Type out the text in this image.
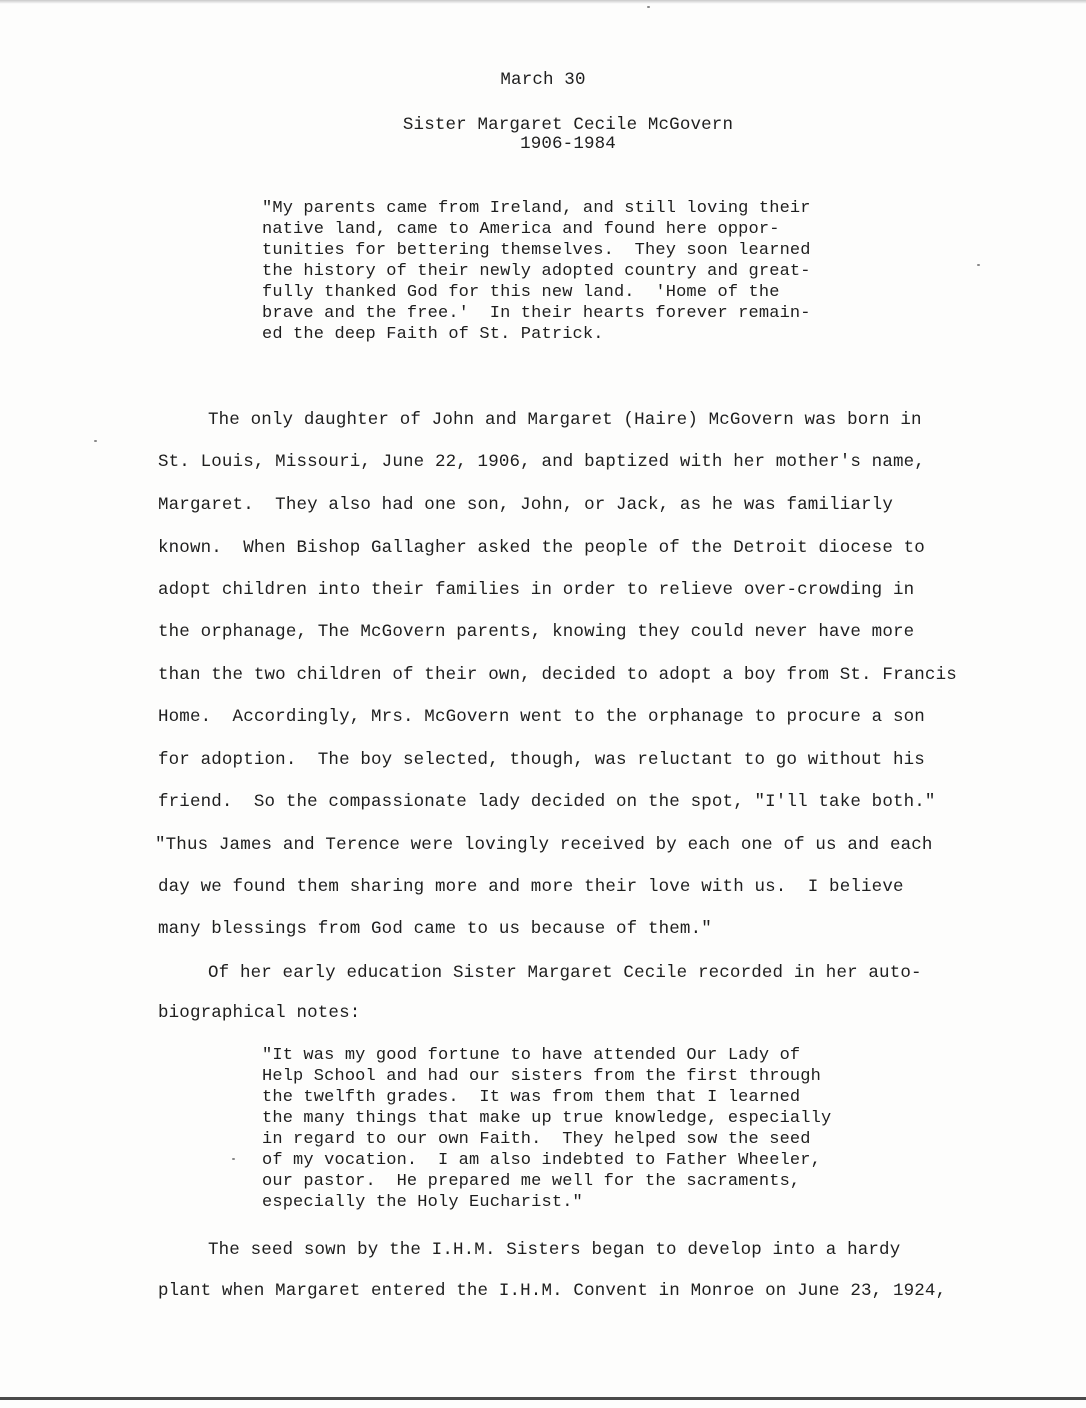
March 30
Sister Margaret Cecile McGovern
1906-1984
"My parents came from Ireland, and still loving their
native land, came to America and found here oppor-
tunities for bettering themselves.  They soon learned
the history of their newly adopted country and great-
fully thanked God for this new land.  'Home of the
brave and the free.'  In their hearts forever remain-
ed the deep Faith of St. Patrick.
The only daughter of John and Margaret (Haire) McGovern was born in
St. Louis, Missouri, June 22, 1906, and baptized with her mother's name,
Margaret.  They also had one son, John, or Jack, as he was familiarly
known.  When Bishop Gallagher asked the people of the Detroit diocese to
adopt children into their families in order to relieve over-crowding in
the orphanage, The McGovern parents, knowing they could never have more
than the two children of their own, decided to adopt a boy from St. Francis
Home.  Accordingly, Mrs. McGovern went to the orphanage to procure a son
for adoption.  The boy selected, though, was reluctant to go without his
friend.  So the compassionate lady decided on the spot, "I'll take both."
"Thus James and Terence were lovingly received by each one of us and each
day we found them sharing more and more their love with us.  I believe
many blessings from God came to us because of them."
Of her early education Sister Margaret Cecile recorded in her auto-
biographical notes:
"It was my good fortune to have attended Our Lady of
Help School and had our sisters from the first through
the twelfth grades.  It was from them that I learned
the many things that make up true knowledge, especially
in regard to our own Faith.  They helped sow the seed
of my vocation.  I am also indebted to Father Wheeler,
our pastor.  He prepared me well for the sacraments,
especially the Holy Eucharist."
The seed sown by the I.H.M. Sisters began to develop into a hardy
plant when Margaret entered the I.H.M. Convent in Monroe on June 23, 1924,
